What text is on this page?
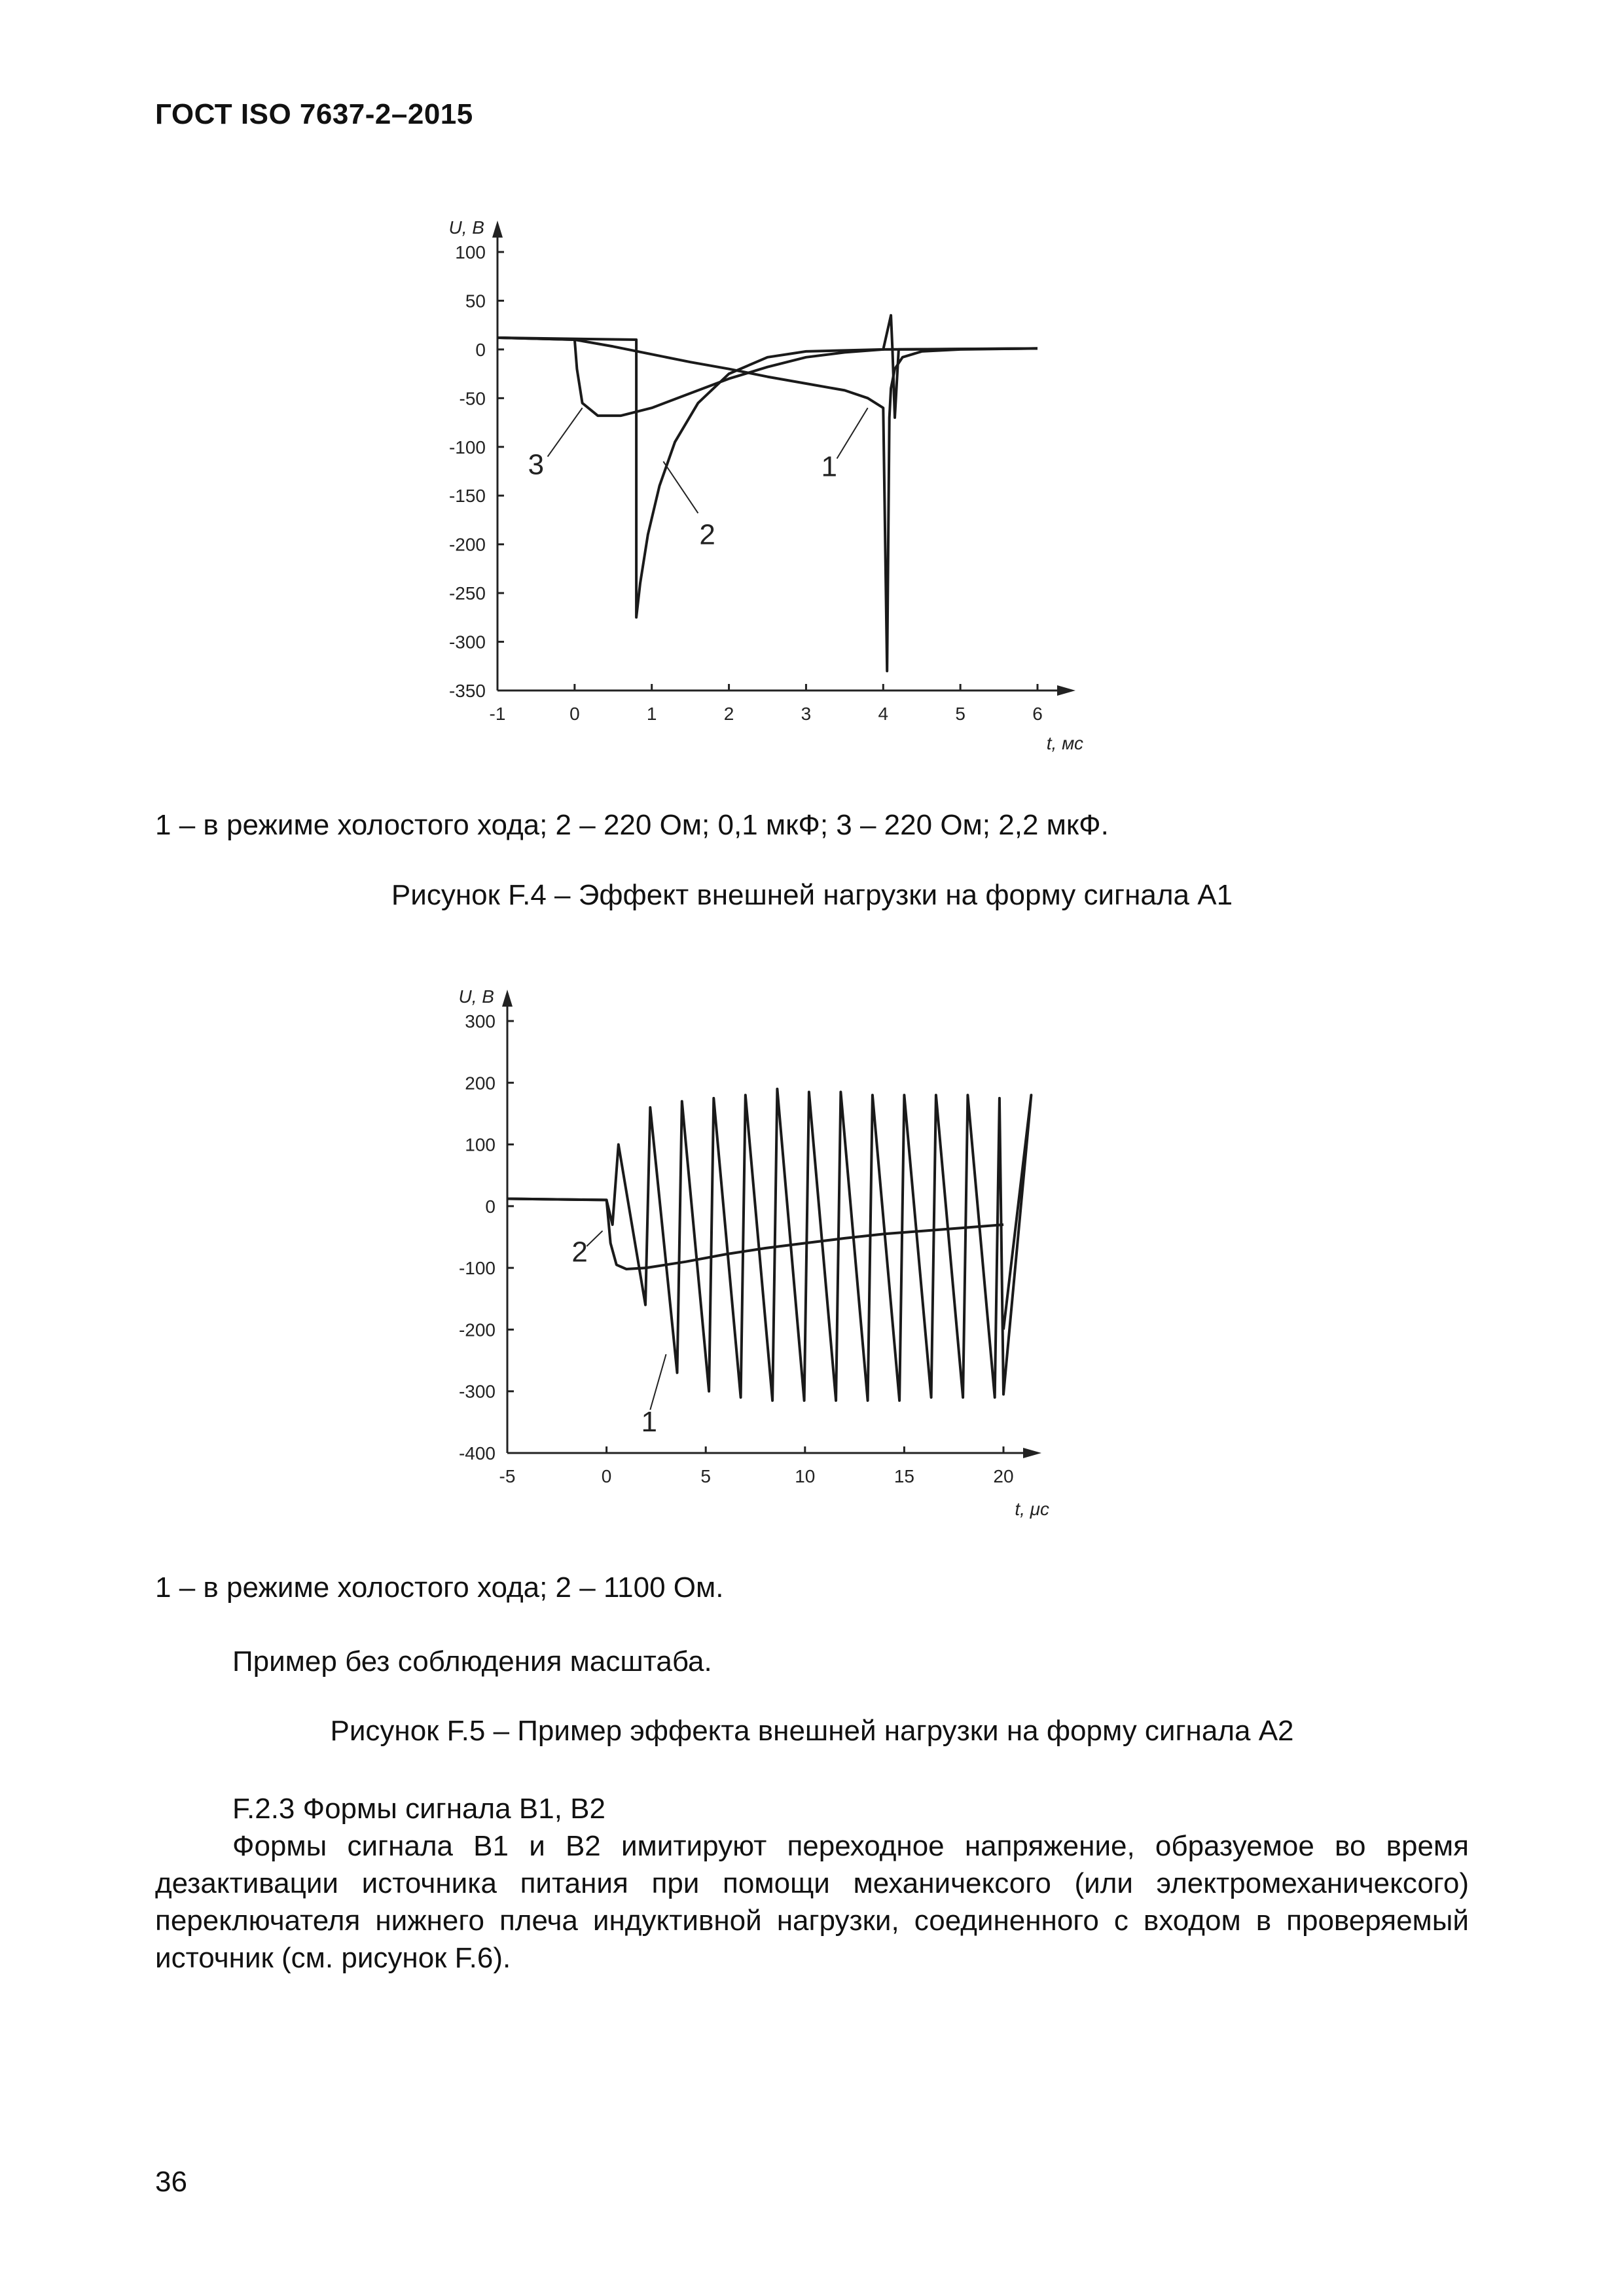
ГОСТ ISO 7637-2–2015
100
50
0
-50
-100
-150
-200
-250
-300
-350
-1	0	1	2	3	4	5	6
U, В
t, мс
3
2
1
1 – в режиме холостого хода; 2 – 220 Ом; 0,1 мкФ; 3 – 220 Ом; 2,2 мкФ.
Рисунок F.4 – Эффект внешней нагрузки на форму сигнала А1
300
200
100
0
-100
-200
-300
-400
-5	0	5	10	15	20
U, В
t, μс
2
1
1 – в режиме холостого хода; 2 – 1100 Ом.
Пример без соблюдения масштаба.
Рисунок F.5 – Пример эффекта внешней нагрузки на форму сигнала А2
F.2.3 Формы сигнала В1, В2
Формы сигнала В1 и В2 имитируют переходное напряжение, образуемое во время дезактивации источника питания при помощи механичексого (или электромеханичексого) переключателя нижнего плеча индуктивной нагрузки, соединенного с входом в проверяемый источник (см. рисунок F.6).
36
